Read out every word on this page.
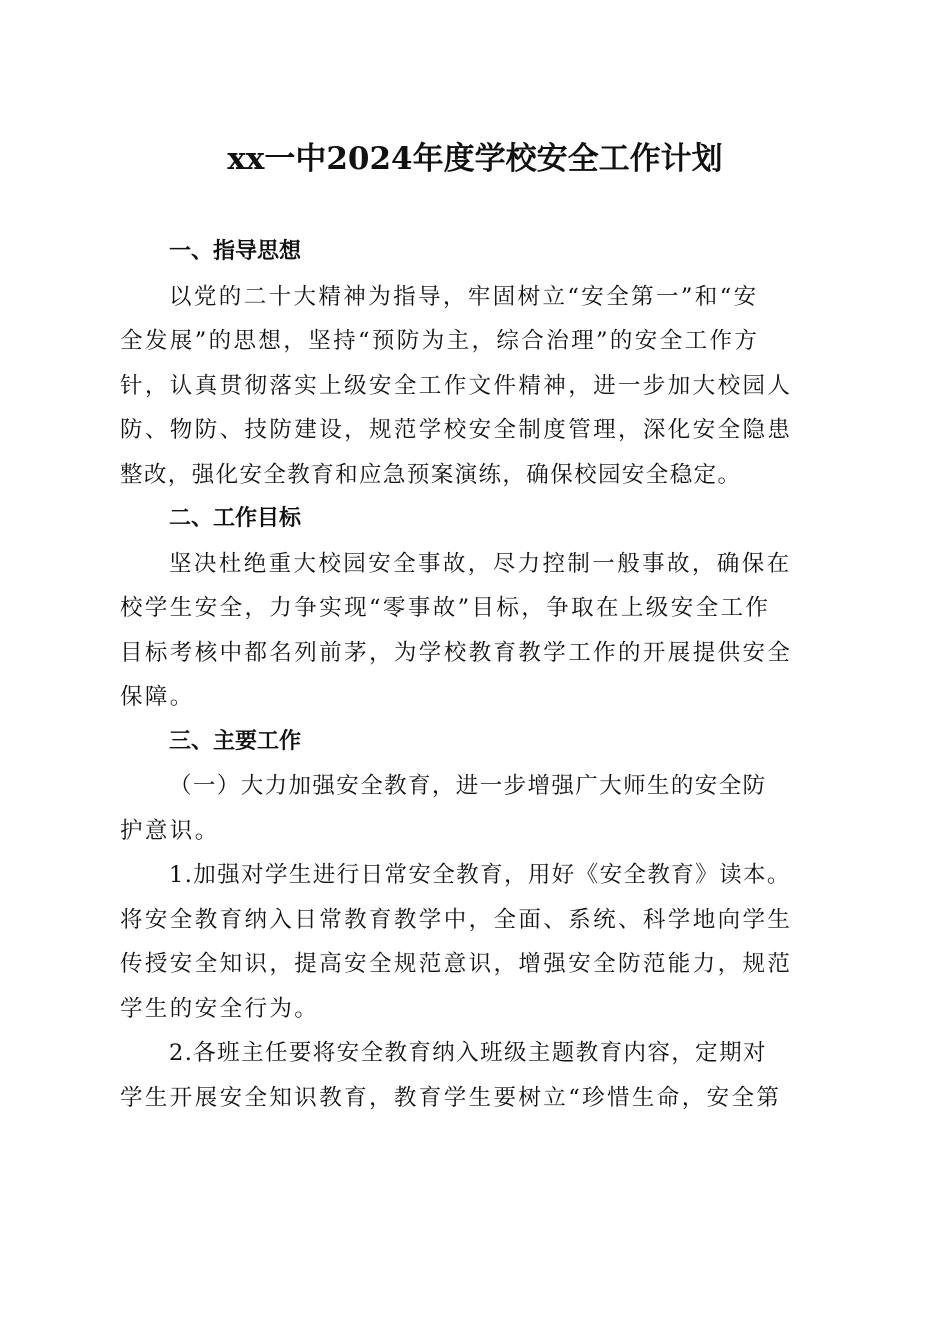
xx一中2024年度学校安全工作计划

一、指导思想

以党的二十大精神为指导，牢固树立“安全第一”和“安

全发展”的思想，坚持“预防为主，综合治理”的安全工作方

针，认真贯彻落实上级安全工作文件精神，进一步加大校园人

防、物防、技防建设，规范学校安全制度管理，深化安全隐患

整改，强化安全教育和应急预案演练，确保校园安全稳定。

二、工作目标

坚决杜绝重大校园安全事故，尽力控制一般事故，确保在

校学生安全，力争实现“零事故”目标，争取在上级安全工作

目标考核中都名列前茅，为学校教育教学工作的开展提供安全

保障。

三、主要工作

（一）大力加强安全教育，进一步增强广大师生的安全防

护意识。

1.加强对学生进行日常安全教育，用好《安全教育》读本。

将安全教育纳入日常教育教学中，全面、系统、科学地向学生

传授安全知识，提高安全规范意识，增强安全防范能力，规范

学生的安全行为。

2.各班主任要将安全教育纳入班级主题教育内容，定期对

学生开展安全知识教育，教育学生要树立“珍惜生命，安全第
